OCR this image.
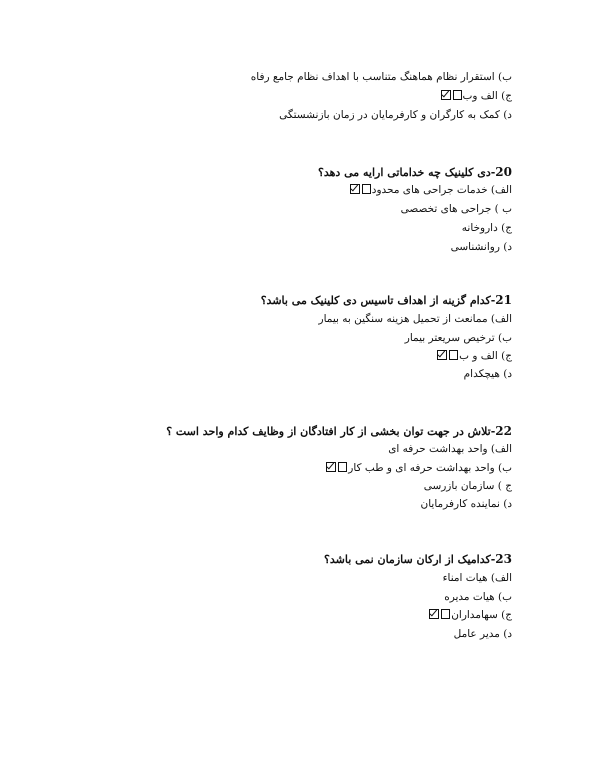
ب) استقرار نظام هماهنگ متناسب با اهداف نظام جامع رفاه
ج) الف وب
د) کمک به کارگران و کارفرمایان در زمان بازنشستگی
20-دی کلینیک چه خداماتی ارایه می دهد؟
الف) خدمات جراحی های محدود
ب ) جراحی های تخصصی
ج) داروخانه
د) روانشناسی
21-کدام گزینه از اهداف تاسیس دی کلینیک می باشد؟
الف) ممانعت از تحمیل هزینه سنگین به بیمار
ب) ترخیص سریعتر بیمار
ج) الف و ب
د) هیچکدام
22-تلاش در جهت توان بخشی از کار افتادگان از وظایف کدام واحد است ؟
الف) واحد بهداشت حرفه ای
ب) واحد بهداشت حرفه ای و طب کار
ج ) سازمان بازرسی
د) نماینده کارفرمایان
23-کدامیک از ارکان سازمان نمی باشد؟
الف) هیات امناء
ب) هیات مدیره
ج) سهامداران
د) مدیر عامل
